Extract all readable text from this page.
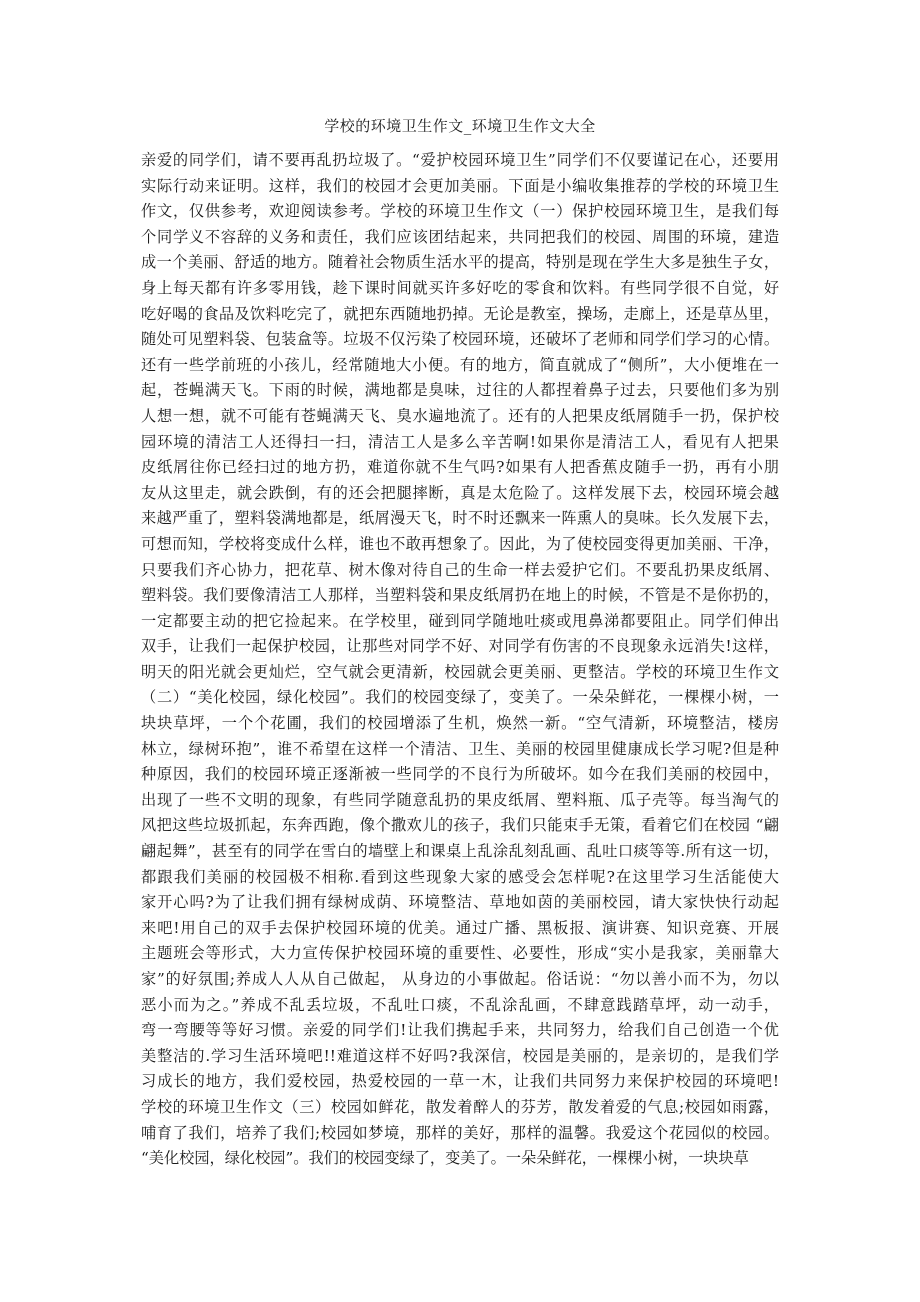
学校的环境卫生作文_环境卫生作文大全
亲爱的同学们，请不要再乱扔垃圾了。“爱护校园环境卫生”同学们不仅要谨记在心，还要用
实际行动来证明。这样，我们的校园才会更加美丽。下面是小编收集推荐的学校的环境卫生
作文，仅供参考，欢迎阅读参考。学校的环境卫生作文（一）保护校园环境卫生，是我们每
个同学义不容辞的义务和责任，我们应该团结起来，共同把我们的校园、周围的环境，建造
成一个美丽、舒适的地方。随着社会物质生活水平的提高，特别是现在学生大多是独生子女，
身上每天都有许多零用钱，趁下课时间就买许多好吃的零食和饮料。有些同学很不自觉，好
吃好喝的食品及饮料吃完了，就把东西随地扔掉。无论是教室，操场，走廊上，还是草丛里，
随处可见塑料袋、包装盒等。垃圾不仅污染了校园环境，还破坏了老师和同学们学习的心情。
还有一些学前班的小孩儿，经常随地大小便。有的地方，简直就成了“侧所”，大小便堆在一
起，苍蝇满天飞。下雨的时候，满地都是臭味，过往的人都捏着鼻子过去，只要他们多为别
人想一想，就不可能有苍蝇满天飞、臭水遍地流了。还有的人把果皮纸屑随手一扔，保护校
园环境的清洁工人还得扫一扫，清洁工人是多么辛苦啊!如果你是清洁工人，看见有人把果
皮纸屑往你已经扫过的地方扔，难道你就不生气吗?如果有人把香蕉皮随手一扔，再有小朋
友从这里走，就会跌倒，有的还会把腿摔断，真是太危险了。这样发展下去，校园环境会越
来越严重了，塑料袋满地都是，纸屑漫天飞，时不时还飘来一阵熏人的臭味。长久发展下去，
可想而知，学校将变成什么样，谁也不敢再想象了。因此，为了使校园变得更加美丽、干净，
只要我们齐心协力，把花草、树木像对待自己的生命一样去爱护它们。不要乱扔果皮纸屑、
塑料袋。我们要像清洁工人那样，当塑料袋和果皮纸屑扔在地上的时候，不管是不是你扔的，
一定都要主动的把它捡起来。在学校里，碰到同学随地吐痰或甩鼻涕都要阻止。同学们伸出
双手，让我们一起保护校园，让那些对同学不好、对同学有伤害的不良现象永远消失!这样，
明天的阳光就会更灿烂，空气就会更清新，校园就会更美丽、更整洁。学校的环境卫生作文
（二）“美化校园，绿化校园”。我们的校园变绿了，变美了。一朵朵鲜花，一棵棵小树，一
块块草坪，一个个花圃，我们的校园增添了生机，焕然一新。“空气清新，环境整洁，楼房
林立，绿树环抱”，谁不希望在这样一个清洁、卫生、美丽的校园里健康成长学习呢?但是种
种原因，我们的校园环境正逐渐被一些同学的不良行为所破坏。如今在我们美丽的校园中，
出现了一些不文明的现象，有些同学随意乱扔的果皮纸屑、塑料瓶、瓜子壳等。每当淘气的
风把这些垃圾抓起，东奔西跑，像个撒欢儿的孩子，我们只能束手无策，看着它们在校园 “翩
翩起舞”，甚至有的同学在雪白的墙壁上和课桌上乱涂乱刻乱画、乱吐口痰等等.所有这一切，
都跟我们美丽的校园极不相称.看到这些现象大家的感受会怎样呢?在这里学习生活能使大
家开心吗?为了让我们拥有绿树成荫、环境整洁、草地如茵的美丽校园，请大家快快行动起
来吧!用自己的双手去保护校园环境的优美。通过广播、黑板报、演讲赛、知识竞赛、开展
主题班会等形式，大力宣传保护校园环境的重要性、必要性，形成“实小是我家，美丽靠大
家”的好氛围;养成人人从自己做起， 从身边的小事做起。俗话说：“勿以善小而不为，勿以
恶小而为之。”养成不乱丢垃圾，不乱吐口痰，不乱涂乱画，不肆意践踏草坪，动一动手，
弯一弯腰等等好习惯。亲爱的同学们!让我们携起手来，共同努力，给我们自己创造一个优
美整洁的.学习生活环境吧!!难道这样不好吗?我深信，校园是美丽的，是亲切的，是我们学
习成长的地方，我们爱校园，热爱校园的一草一木，让我们共同努力来保护校园的环境吧!
学校的环境卫生作文（三）校园如鲜花，散发着醉人的芬芳，散发着爱的气息;校园如雨露，
哺育了我们，培养了我们;校园如梦境，那样的美好，那样的温馨。我爱这个花园似的校园。
“美化校园，绿化校园”。我们的校园变绿了，变美了。一朵朵鲜花，一棵棵小树，一块块草
